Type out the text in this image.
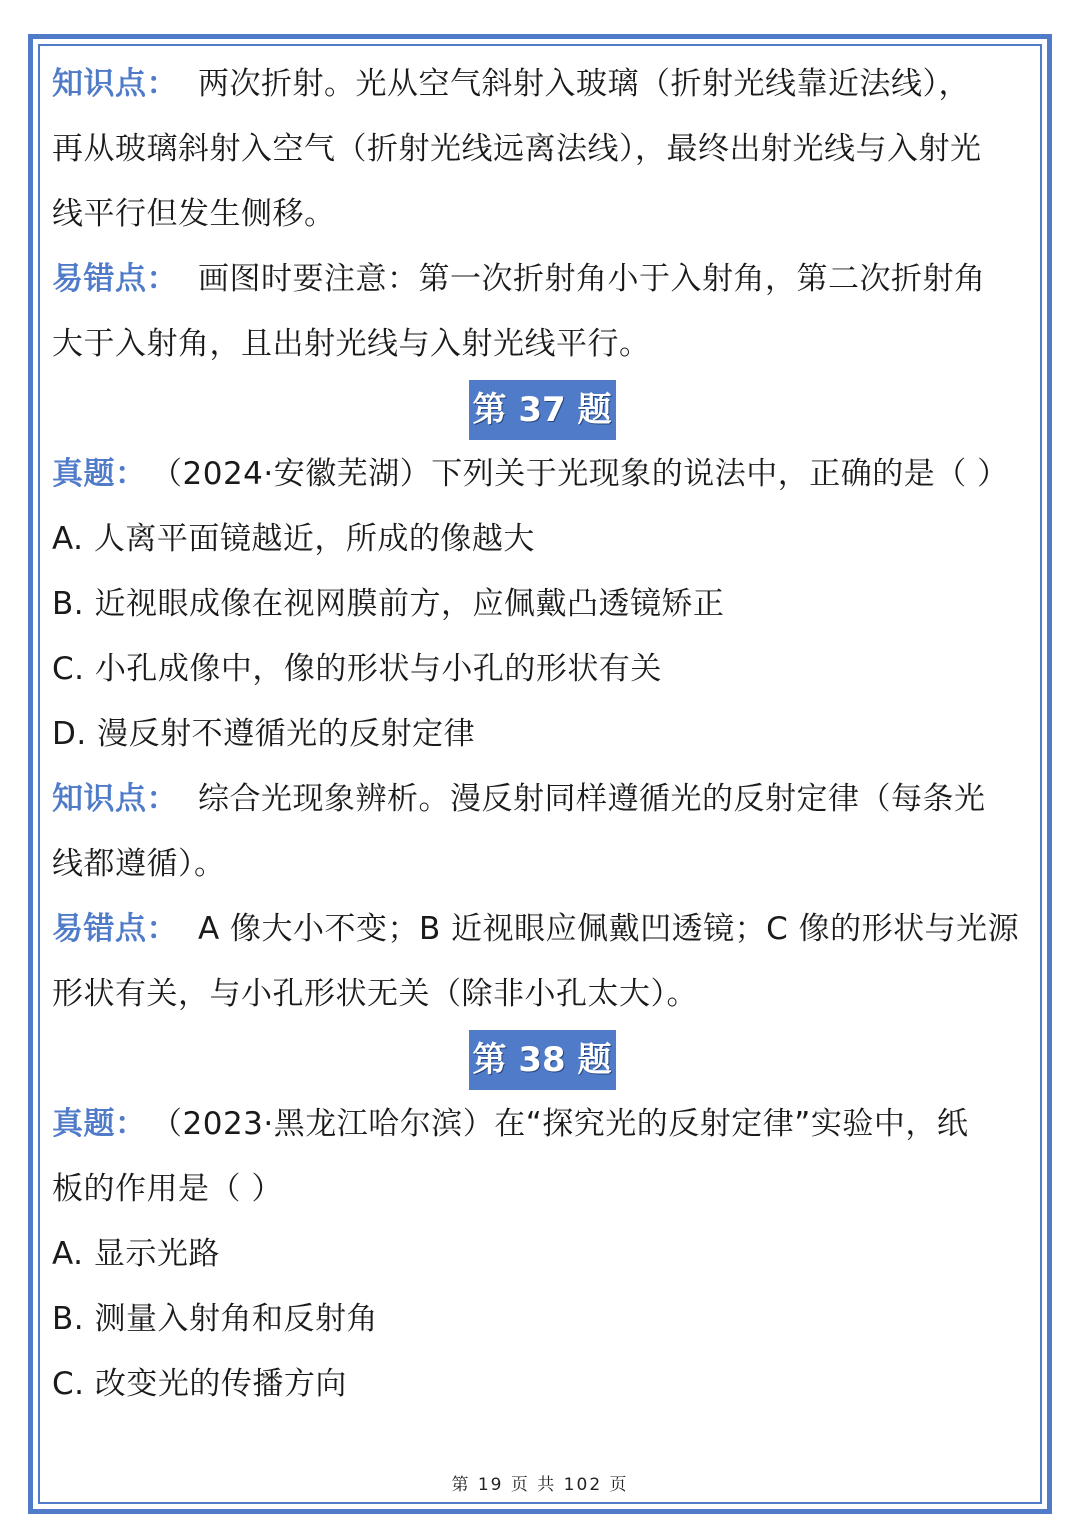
知识点： 两次折射。光从空气斜射入玻璃（折射光线靠近法线），
再从玻璃斜射入空气（折射光线远离法线），最终出射光线与入射光
线平行但发生侧移。
易错点： 画图时要注意：第一次折射角小于入射角，第二次折射角
大于入射角，且出射光线与入射光线平行。
第 37 题
真题： （2024·安徽芜湖）下列关于光现象的说法中，正确的是（ ）
A. 人离平面镜越近，所成的像越大
B. 近视眼成像在视网膜前方，应佩戴凸透镜矫正
C. 小孔成像中，像的形状与小孔的形状有关
D. 漫反射不遵循光的反射定律
知识点： 综合光现象辨析。漫反射同样遵循光的反射定律（每条光
线都遵循）。
易错点： A 像大小不变；B 近视眼应佩戴凹透镜；C 像的形状与光源
形状有关，与小孔形状无关（除非小孔太大）。
第 38 题
真题： （2023·黑龙江哈尔滨）在“探究光的反射定律”实验中，纸
板的作用是（ ）
A. 显示光路
B. 测量入射角和反射角
C. 改变光的传播方向
第 19 页 共 102 页
